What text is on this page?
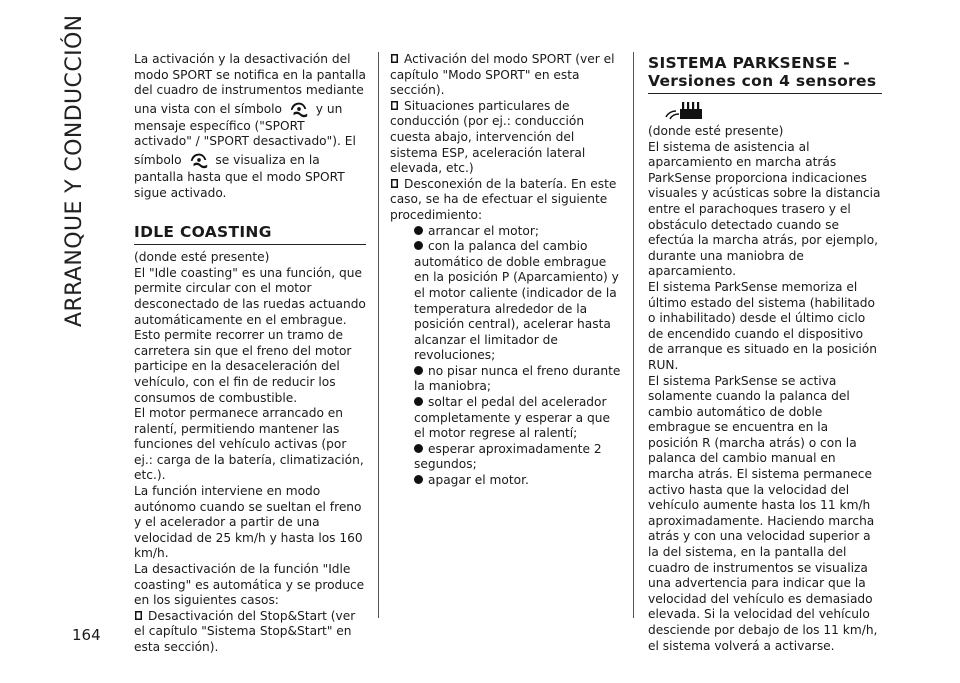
ARRANQUE Y CONDUCCIÓN
164

La activación y la desactivación del modo SPORT se notifica en la pantalla del cuadro de instrumentos mediante una vista con el símbolo	y un mensaje específico ("SPORT activado" / "SPORT desactivado"). El símbolo	se visualiza en la pantalla hasta que el modo SPORT sigue activado.

IDLE COASTING

(donde esté presente)

El "Idle coasting" es una función, que permite circular con el motor desconectado de las ruedas actuando automáticamente en el embrague. Esto permite recorrer un tramo de carretera sin que el freno del motor participe en la desaceleración del vehículo, con el fin de reducir los consumos de combustible.

El motor permanece arrancado en ralentí, permitiendo mantener las funciones del vehículo activas (por ej.: carga de la batería, climatización, etc.).

La función interviene en modo autónomo cuando se sueltan el freno y el acelerador a partir de una velocidad de 25 km/h y hasta los 160 km/h.

La desactivación de la función "Idle coasting" es automática y se produce en los siguientes casos:

Desactivación del Stop&Start (ver el capítulo "Sistema Stop&Start" en esta sección).

Activación del modo SPORT (ver el capítulo "Modo SPORT" en esta sección).

Situaciones particulares de conducción (por ej.: conducción cuesta abajo, intervención del sistema ESP, aceleración lateral elevada, etc.)

Desconexión de la batería. En este caso, se ha de efectuar el siguiente procedimiento:

arrancar el motor;

con la palanca del cambio automático de doble embrague en la posición P (Aparcamiento) y el motor caliente (indicador de la temperatura alrededor de la posición central), acelerar hasta alcanzar el limitador de revoluciones;

no pisar nunca el freno durante la maniobra;

soltar el pedal del acelerador completamente y esperar a que el motor regrese al ralentí;

esperar aproximadamente 2 segundos;

apagar el motor.

SISTEMA PARKSENSE -
Versiones con 4 sensores

(donde esté presente)

El sistema de asistencia al aparcamiento en marcha atrás ParkSense proporciona indicaciones visuales y acústicas sobre la distancia entre el parachoques trasero y el obstáculo detectado cuando se efectúa la marcha atrás, por ejemplo, durante una maniobra de aparcamiento.

El sistema ParkSense memoriza el último estado del sistema (habilitado o inhabilitado) desde el último ciclo de encendido cuando el dispositivo de arranque es situado en la posición RUN.

El sistema ParkSense se activa solamente cuando la palanca del cambio automático de doble embrague se encuentra en la posición R (marcha atrás) o con la palanca del cambio manual en marcha atrás. El sistema permanece activo hasta que la velocidad del vehículo aumente hasta los 11 km/h aproximadamente. Haciendo marcha atrás y con una velocidad superior a la del sistema, en la pantalla del cuadro de instrumentos se visualiza una advertencia para indicar que la velocidad del vehículo es demasiado elevada. Si la velocidad del vehículo desciende por debajo de los 11 km/h, el sistema volverá a activarse.
